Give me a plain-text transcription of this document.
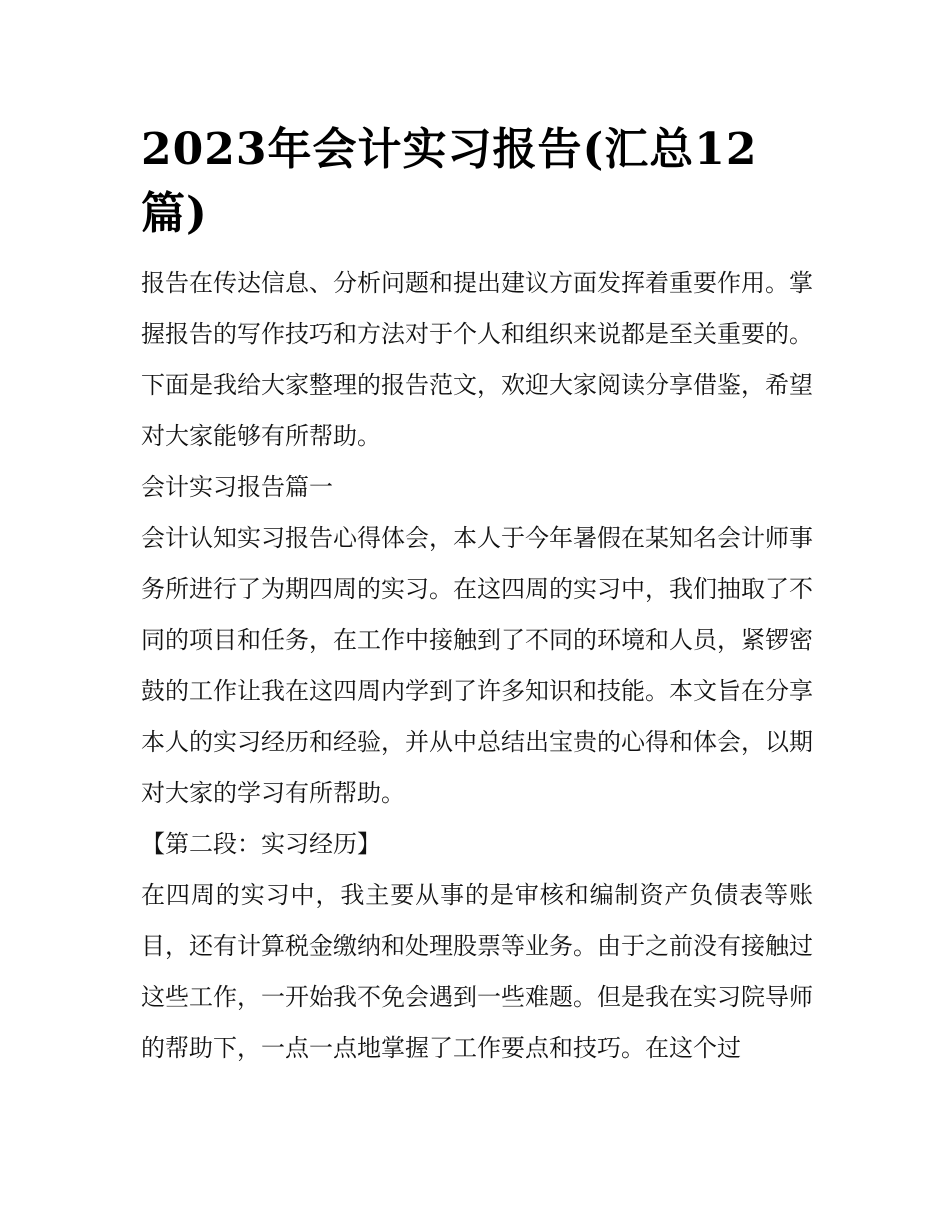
2023年会计实习报告(汇总12篇)

报告在传达信息、分析问题和提出建议方面发挥着重要作用。掌握报告的写作技巧和方法对于个人和组织来说都是至关重要的。下面是我给大家整理的报告范文，欢迎大家阅读分享借鉴，希望对大家能够有所帮助。

会计实习报告篇一

会计认知实习报告心得体会，本人于今年暑假在某知名会计师事务所进行了为期四周的实习。在这四周的实习中，我们抽取了不同的项目和任务，在工作中接触到了不同的环境和人员，紧锣密鼓的工作让我在这四周内学到了许多知识和技能。本文旨在分享本人的实习经历和经验，并从中总结出宝贵的心得和体会，以期对大家的学习有所帮助。

【第二段：实习经历】

在四周的实习中，我主要从事的是审核和编制资产负债表等账目，还有计算税金缴纳和处理股票等业务。由于之前没有接触过这些工作，一开始我不免会遇到一些难题。但是我在实习院导师的帮助下，一点一点地掌握了工作要点和技巧。在这个过
